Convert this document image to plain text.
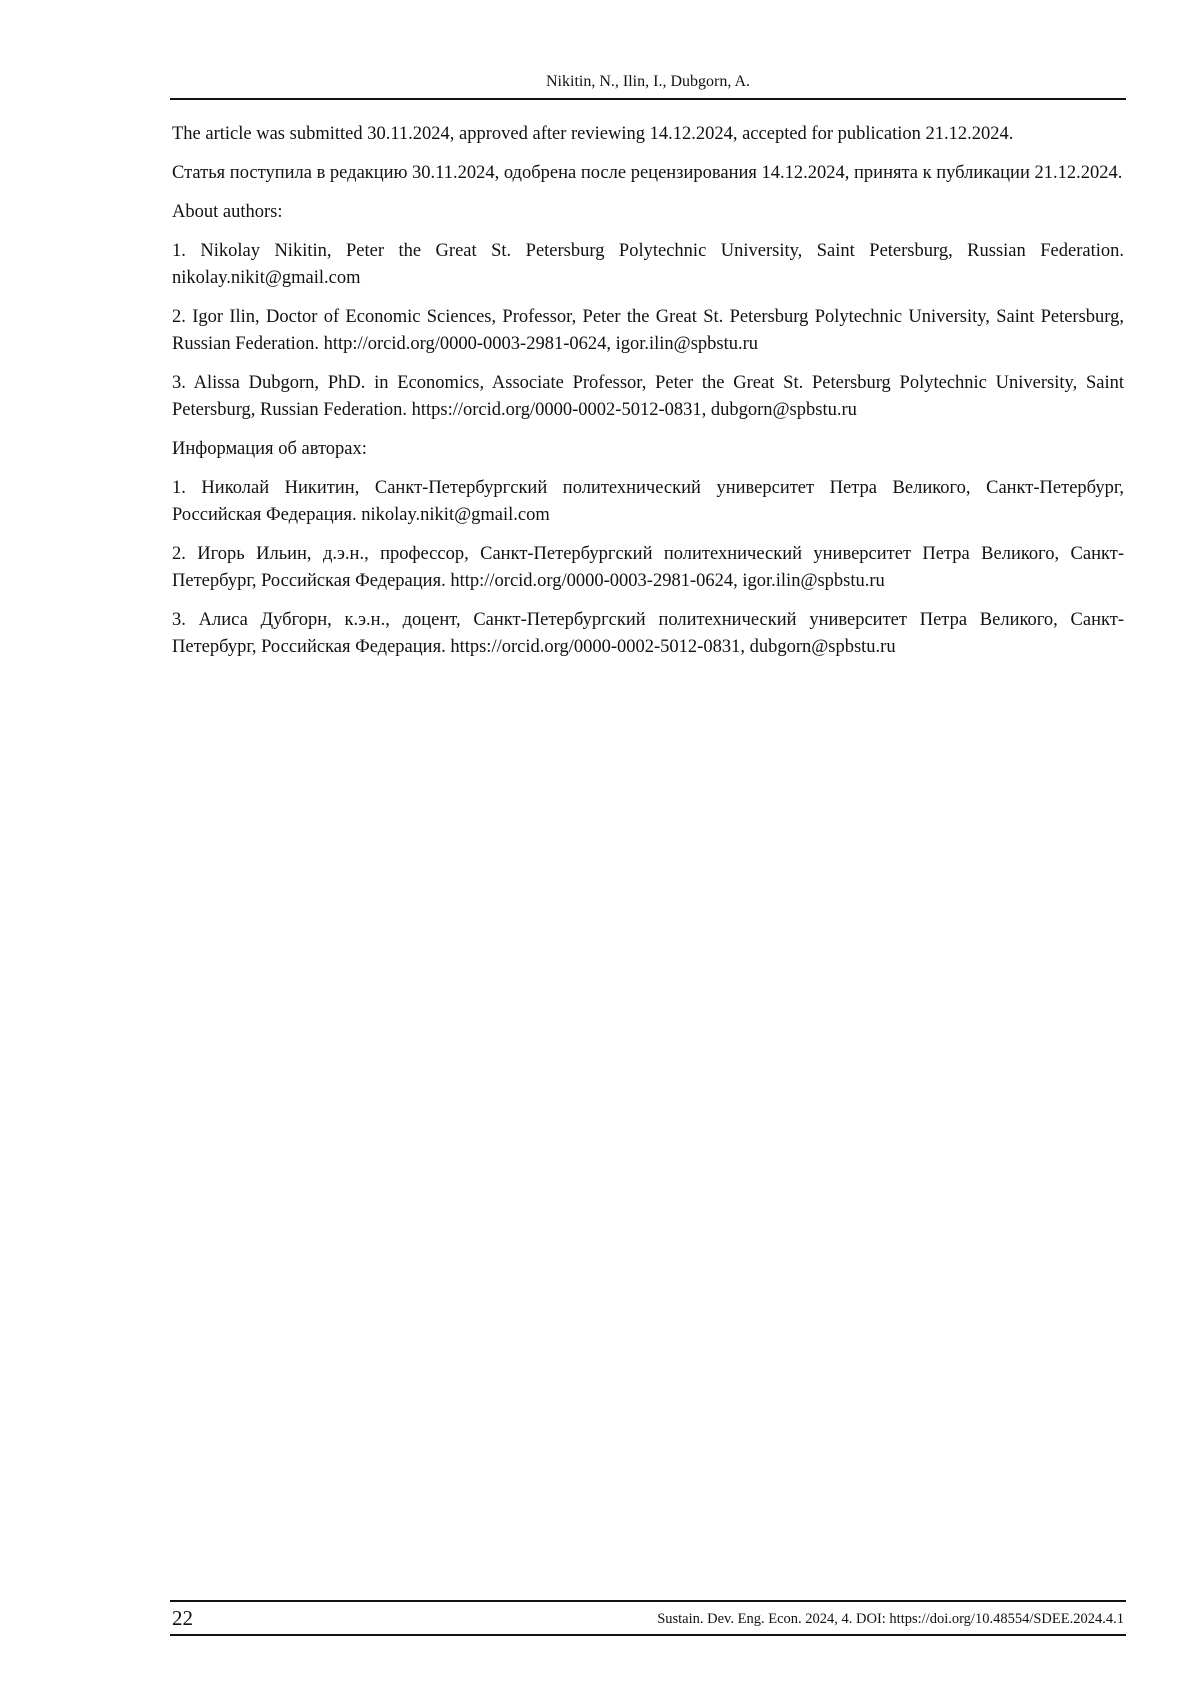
Nikitin, N., Ilin, I., Dubgorn, A.

The article was submitted 30.11.2024, approved after reviewing 14.12.2024, accepted for publication 21.12.2024.

Статья поступила в редакцию 30.11.2024, одобрена после рецензирования 14.12.2024, принята к публикации 21.12.2024.

About authors:

1. Nikolay Nikitin, Peter the Great St. Petersburg Polytechnic University, Saint Petersburg, Russian Federation. nikolay.nikit@gmail.com

2. Igor Ilin, Doctor of Economic Sciences, Professor, Peter the Great St. Petersburg Polytechnic University, Saint Petersburg, Russian Federation. http://orcid.org/0000-0003-2981-0624, igor.ilin@spbstu.ru

3. Alissa Dubgorn, PhD. in Economics, Associate Professor, Peter the Great St. Petersburg Polytechnic University, Saint Petersburg, Russian Federation. https://orcid.org/0000-0002-5012-0831, dubgorn@spbstu.ru

Информация об авторах:

1. Николай Никитин, Санкт-Петербургский политехнический университет Петра Великого, Санкт-Петербург, Российская Федерация. nikolay.nikit@gmail.com

2. Игорь Ильин, д.э.н., профессор, Санкт-Петербургский политехнический университет Петра Великого, Санкт-Петербург, Российская Федерация. http://orcid.org/0000-0003-2981-0624, igor.ilin@spbstu.ru

3. Алиса Дубгорн, к.э.н., доцент, Санкт-Петербургский политехнический университет Петра Великого, Санкт-Петербург, Российская Федерация. https://orcid.org/0000-0002-5012-0831, dubgorn@spbstu.ru

22	Sustain. Dev. Eng. Econ. 2024, 4. DOI: https://doi.org/10.48554/SDEE.2024.4.1
